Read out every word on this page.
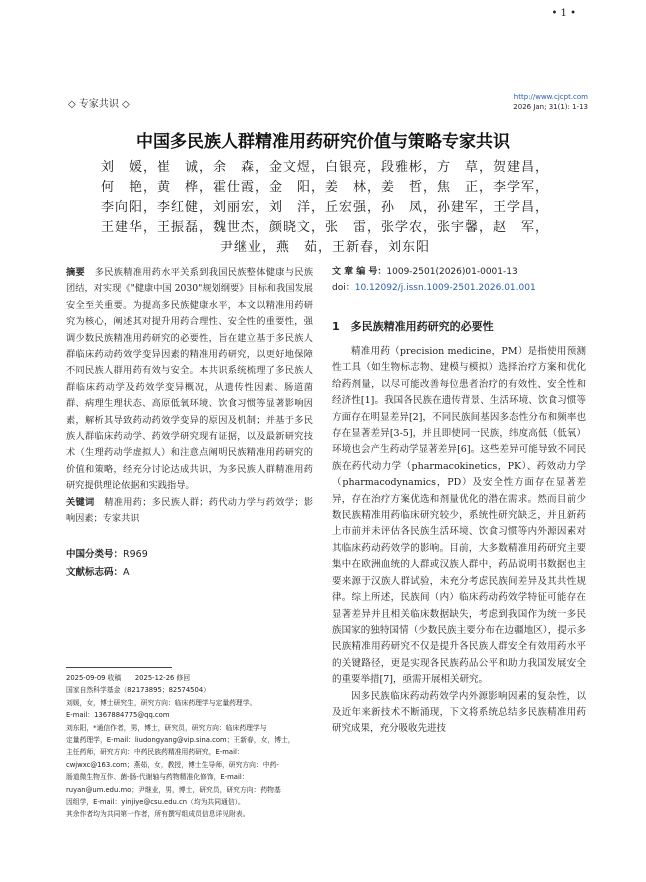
• 1 •
◇ 专家共识 ◇
http://www.cjcpt.com
2026 Jan; 31(1): 1-13
中国多民族人群精准用药研究价值与策略专家共识
刘　媛，崔　诚，余　森，金文煜，白银亮，段雅彬，方　草，贺建昌，
何　艳，黄　桦，霍仕霞，金　阳，姜　林，姜　哲，焦　正，李学军，
李向阳，李红健，刘丽宏，刘　洋，丘宏强，孙　凤，孙建军，王学昌，
王建华，王振磊，魏世杰，颜晓文，张　雷，张学农，张宇馨，赵　军，
尹继业，燕　茹，王新春，刘东阳
摘要 多民族精准用药水平关系到我国民族整体健康与民族团结，对实现《"健康中国 2030"规划纲要》目标和我国发展安全至关重要。为提高多民族健康水平，本文以精准用药研究为核心，阐述其对提升用药合理性、安全性的重要性，强调少数民族精准用药研究的必要性，旨在建立基于多民族人群临床药动药效学变异因素的精准用药研究，以更好地保障不同民族人群用药有效与安全。本共识系统梳理了多民族人群临床药动学及药效学变异概况，从遗传性因素、肠道菌群、病理生理状态、高原低氧环境、饮食习惯等显著影响因素，解析其导致药动药效学变异的原因及机制；并基于多民族人群临床药动学、药效学研究现有证据，以及最新研究技术（生理药动学虚拟人）和注意点阐明民族精准用药研究的价值和策略，经充分讨论达成共识，为多民族人群精准用药研究提供理论依据和实践指导。
关键词 精准用药；多民族人群；药代动力学与药效学；影响因素；专家共识
中国分类号：R969
文献标志码：A
2025-09-09 收稿　　2025-12-26 修回
国家自然科学基金（82173895；82574504）
刘媛，女，博士研究生，研究方向：临床药理学与定量药理学。
E-mail：1367884775@qq.com
刘东阳，*通信作者，男，博士，研究员，研究方向：临床药理学与
定量药理学，E-mail：liudongyang@vip.sina.com；王新春，女，博士，
主任药师，研究方向：中药民族药精准用药研究，E-mail：
cwjwxc@163.com；燕茹，女，教授，博士生导师，研究方向：中药-
肠道微生物互作、菌-肠-代谢轴与药物精准化修饰，E-mail：
ruyan@um.edu.mo；尹继业，男，博士，研究员，研究方向：药物基
因组学，E-mail：yinjiye@csu.edu.cn（均为共同通信）。
其余作者均为共同第一作者，所有撰写组成员信息详见附表。
文 章 编 号：1009-2501(2026)01-0001-13
doi：10.12092/j.issn.1009-2501.2026.01.001
1　多民族精准用药研究的必要性
精准用药（precision medicine，PM）是指使用预测性工具（如生物标志物、建模与模拟）选择治疗方案和优化给药剂量，以尽可能改善每位患者治疗的有效性、安全性和经济性[1]。我国各民族在遗传背景、生活环境、饮食习惯等方面存在明显差异[2]，不同民族间基因多态性分布和频率也存在显著差异[3-5]，并且即使同一民族，纬度高低（低氧）环境也会产生药动学显著差异[6]。这些差异可能导致不同民族在药代动力学（pharmacokinetics，PK）、药效动力学（pharmacodynamics，PD）及安全性方面存在显著差异，存在治疗方案优选和剂量优化的潜在需求。然而目前少数民族精准用药临床研究较少，系统性研究缺乏，并且新药上市前并未评估各民族生活环境、饮食习惯等内外源因素对其临床药动药效学的影响。目前，大多数精准用药研究主要集中在欧洲血统的人群或汉族人群中，药品说明书数据也主要来源于汉族人群试验，未充分考虑民族间差异及其共性规律。综上所述，民族间（内）临床药动药效学特征可能存在显著差异并且相关临床数据缺失，考虑到我国作为统一多民族国家的独特国情（少数民族主要分布在边疆地区），提示多民族精准用药研究不仅是提升各民族人群安全有效用药水平的关键路径，更是实现各民族药品公平和助力我国发展安全的重要举措[7]，亟需开展相关研究。
因多民族临床药动药效学内外源影响因素的复杂性，以及近年来新技术不断涌现，下文将系统总结多民族精准用药研究成果，充分吸收先进技
